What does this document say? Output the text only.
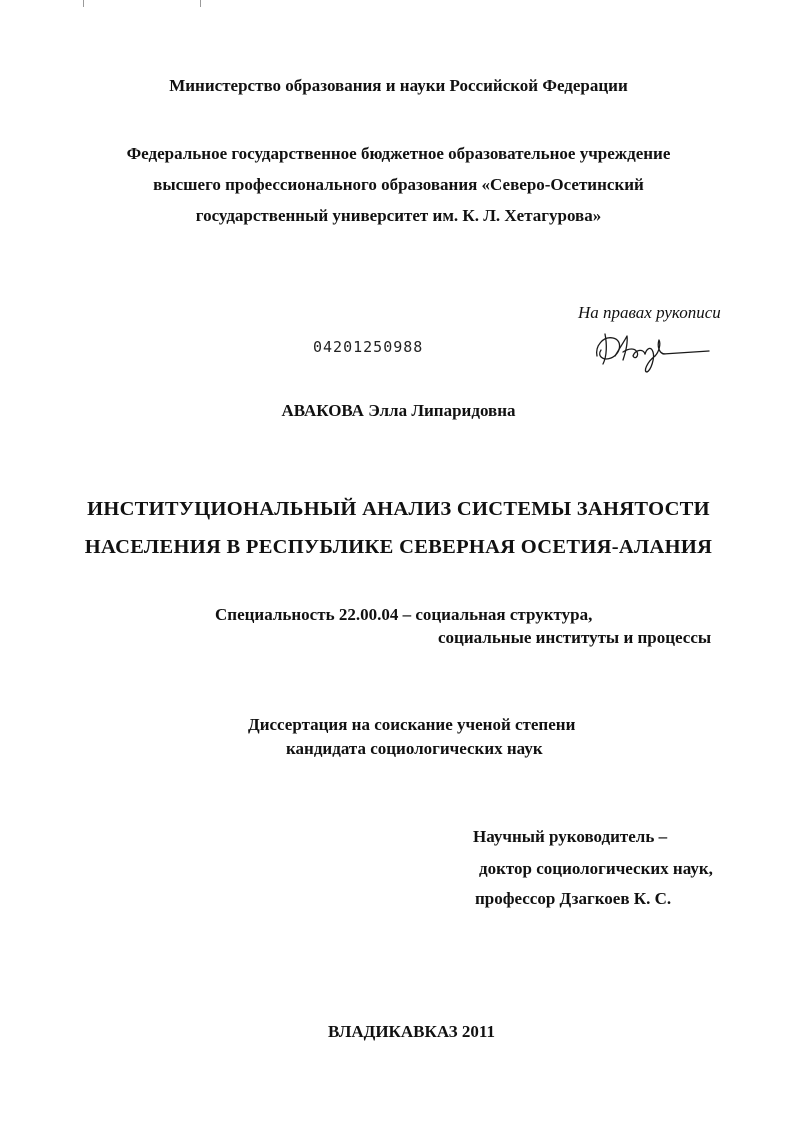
Министерство образования и науки Российской Федерации
Федеральное государственное бюджетное образовательное учреждение
высшего профессионального образования «Северо-Осетинский
государственный университет им. К. Л. Хетагурова»
На правах рукописи
04201250988
АВАКОВА Элла Липаридовна
ИНСТИТУЦИОНАЛЬНЫЙ АНАЛИЗ СИСТЕМЫ ЗАНЯТОСТИ
НАСЕЛЕНИЯ В РЕСПУБЛИКЕ СЕВЕРНАЯ ОСЕТИЯ-АЛАНИЯ
Специальность 22.00.04 – социальная структура,
социальные институты и процессы
Диссертация на соискание ученой степени
кандидата социологических наук
Научный руководитель –
доктор социологических наук,
профессор Дзагкоев К. С.
ВЛАДИКАВКАЗ 2011
